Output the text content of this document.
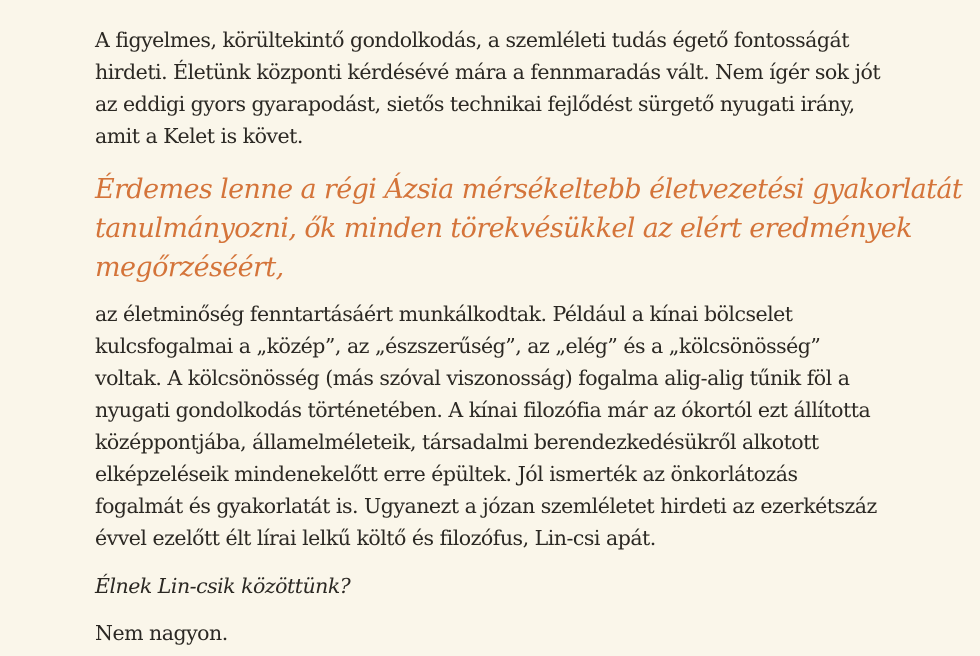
A figyelmes, körültekintő gondolkodás, a szemléleti tudás égető fontosságát
hirdeti. Életünk központi kérdésévé mára a fennmaradás vált. Nem ígér sok jót
az eddigi gyors gyarapodást, sietős technikai fejlődést sürgető nyugati irány,
amit a Kelet is követ.

Érdemes lenne a régi Ázsia mérsékeltebb életvezetési gyakorlatát
tanulmányozni, ők minden törekvésükkel az elért eredmények
megőrzéséért,

az életminőség fenntartásáért munkálkodtak. Például a kínai bölcselet
kulcsfogalmai a „közép”, az „észszerűség”, az „elég” és a „kölcsönösség”
voltak. A kölcsönösség (más szóval viszonosság) fogalma alig-alig tűnik föl a
nyugati gondolkodás történetében. A kínai filozófia már az ókortól ezt állította
középpontjába, államelméleteik, társadalmi berendezkedésükről alkotott
elképzeléseik mindenekelőtt erre épültek. Jól ismerték az önkorlátozás
fogalmát és gyakorlatát is. Ugyanezt a józan szemléletet hirdeti az ezerkétszáz
évvel ezelőtt élt lírai lelkű költő és filozófus, Lin-csi apát.

Élnek Lin-csik közöttünk?

Nem nagyon.
